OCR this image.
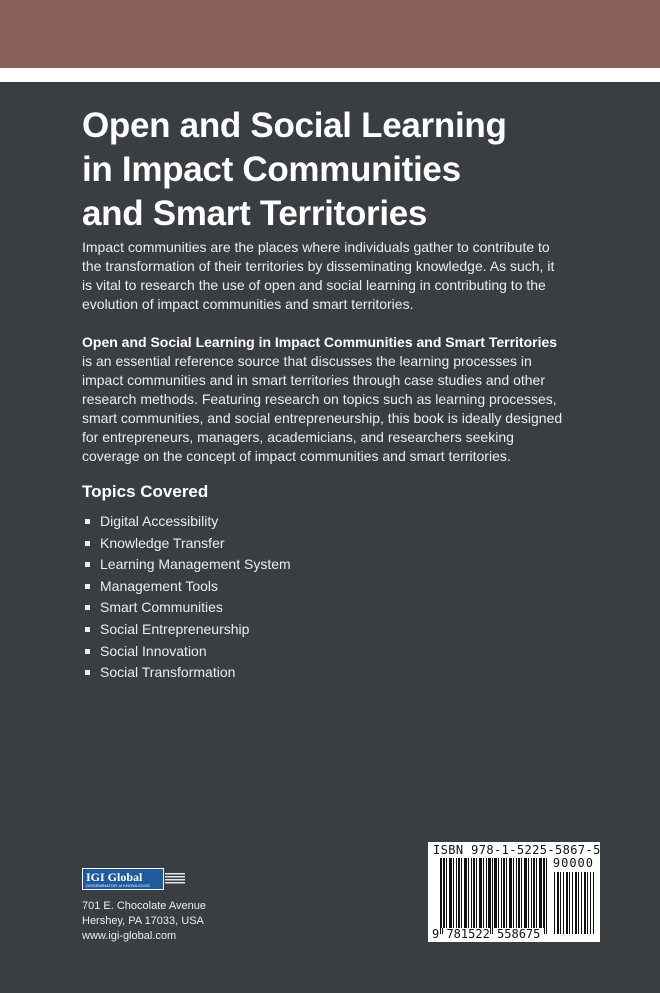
Open and Social Learning
in Impact Communities
and Smart Territories

Impact communities are the places where individuals gather to contribute to
the transformation of their territories by disseminating knowledge. As such, it
is vital to research the use of open and social learning in contributing to the
evolution of impact communities and smart territories.

Open and Social Learning in Impact Communities and Smart Territories
is an essential reference source that discusses the learning processes in
impact communities and in smart territories through case studies and other
research methods. Featuring research on topics such as learning processes,
smart communities, and social entrepreneurship, this book is ideally designed
for entrepreneurs, managers, academicians, and researchers seeking
coverage on the concept of impact communities and smart territories.

Topics Covered
Digital Accessibility
Knowledge Transfer
Learning Management System
Management Tools
Smart Communities
Social Entrepreneurship
Social Innovation
Social Transformation
IGI Global
DISSEMINATOR of KNOWLEDGE
701 E. Chocolate Avenue
Hershey, PA 17033, USA
www.igi-global.com
ISBN 978-1-5225-5867-5
90000
9 781522 558675
